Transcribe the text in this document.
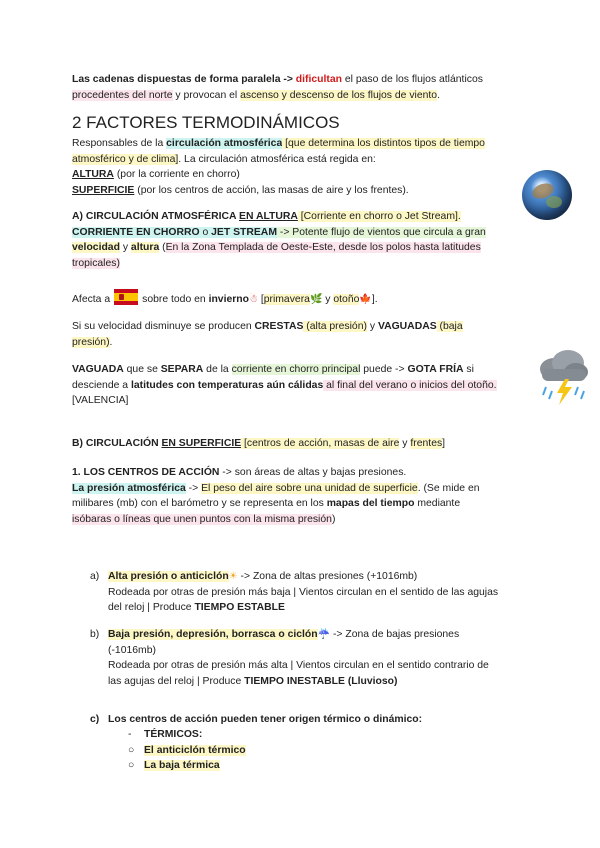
Las cadenas dispuestas de forma paralela -> dificultan el paso de los flujos atlánticos
procedentes del norte y provocan el ascenso y descenso de los flujos de viento.
2 FACTORES TERMODINÁMICOS
Responsables de la circulación atmosférica [que determina los distintos tipos de tiempo
atmosférico y de clima]. La circulación atmosférica está regida en:
ALTURA (por la corriente en chorro)
SUPERFICIE (por los centros de acción, las masas de aire y los frentes).
A) CIRCULACIÓN ATMOSFÉRICA EN ALTURA [Corriente en chorro o Jet Stream].
CORRIENTE EN CHORRO o JET STREAM -> Potente flujo de vientos que circula a gran
velocidad y altura (En la Zona Templada de Oeste-Este, desde los polos hasta latitudes
tropicales)
Afecta a	sobre todo en invierno☃ [primavera🌿 y otoño🍁].
Si su velocidad disminuye se producen CRESTAS (alta presión) y VAGUADAS (baja
presión).
VAGUADA que se SEPARA de la corriente en chorro principal puede -> GOTA FRÍA si
desciende a latitudes con temperaturas aún cálidas al final del verano o inicios del otoño.
[VALENCIA]
B) CIRCULACIÓN EN SUPERFICIE [centros de acción, masas de aire y frentes]
1. LOS CENTROS DE ACCIÓN -> son áreas de altas y bajas presiones.
La presión atmosférica -> El peso del aire sobre una unidad de superficie. (Se mide en
milibares (mb) con el barómetro y se representa en los mapas del tiempo mediante
isóbaras o líneas que unen puntos con la misma presión)
a) Alta presión o anticiclón☀ -> Zona de altas presiones (+1016mb)
Rodeada por otras de presión más baja | Vientos circulan en el sentido de las agujas
del reloj | Produce TIEMPO ESTABLE
b) Baja presión, depresión, borrasca o ciclón☔ -> Zona de bajas presiones
(-1016mb)
Rodeada por otras de presión más alta | Vientos circulan en el sentido contrario de
las agujas del reloj | Produce TIEMPO INESTABLE (Lluvioso)
c) Los centros de acción pueden tener origen térmico o dinámico:
- TÉRMICOS:
○ El anticiclón térmico
○ La baja térmica
